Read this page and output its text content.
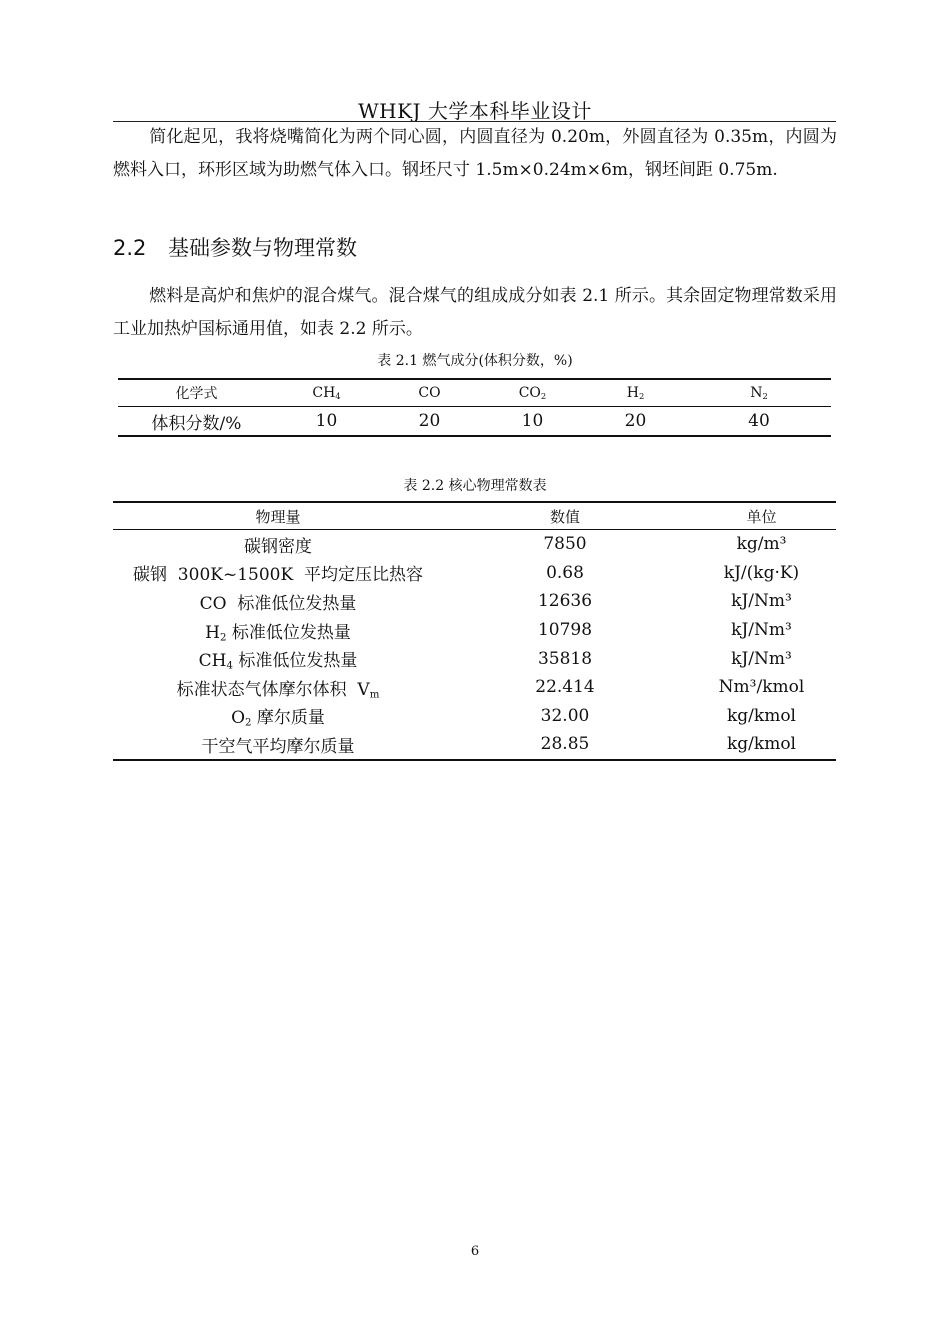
WHKJ 大学本科毕业设计

简化起见，我将烧嘴简化为两个同心圆，内圆直径为 0.20m，外圆直径为 0.35m，内圆为燃料入口，环形区域为助燃气体入口。钢坯尺寸 1.5m×0.24m×6m，钢坯间距 0.75m.

2.2 基础参数与物理常数

燃料是高炉和焦炉的混合煤气。混合煤气的组成成分如表 2.1 所示。其余固定物理常数采用工业加热炉国标通用值，如表 2.2 所示。

表 2.1 燃气成分(体积分数，%)
化学式	$CH_4$	CO	$CO_2$	$H_2$	$N_2$
体积分数/%	10	20	10	20	40
表 2.2 核心物理常数表
物理量	数值	单位
碳钢密度	7850	kg/m³
碳钢  300K~1500K  平均定压比热容	0.68	kJ/(kg·K)
CO  标准低位发热量	12636	kJ/Nm³
$H_2$ 标准低位发热量	10798	kJ/Nm³
$CH_4$ 标准低位发热量	35818	kJ/Nm³
标准状态气体摩尔体积  $V_m$	22.414	Nm³/kmol
$O_2$ 摩尔质量	32.00	kg/kmol
干空气平均摩尔质量	28.85	kg/kmol
6
